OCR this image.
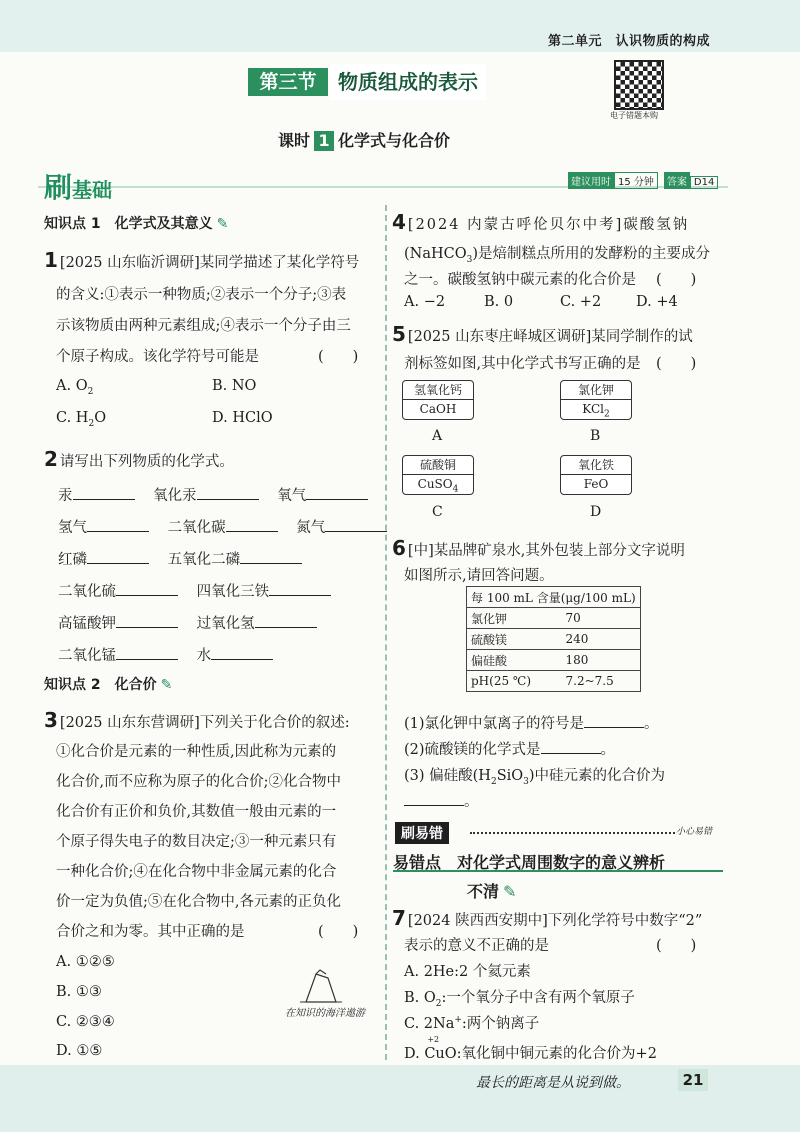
第二单元　认识物质的构成
第三节	物质组成的表示
电子错题本购
课时 1 化学式与化合价
刷基础	建议用时 15 分钟 答案 D14
知识点 1　化学式及其意义 ✎
1 [2025 山东临沂调研]某同学描述了某化学符号
的含义:①表示一种物质;②表示一个分子;③表
示该物质由两种元素组成;④表示一个分子由三
个原子构成。该化学符号可能是	(　　)
A. $O_2$	B. NO
C. $H_2O$	D. HClO
2 请写出下列物质的化学式。
汞	氧化汞	氧气
氢气	二氧化碳	氮气
红磷	五氧化二磷
二氧化硫	四氧化三铁
高锰酸钾	过氧化氢
二氧化锰	水
知识点 2　化合价 ✎
3 [2025 山东东营调研]下列关于化合价的叙述:
①化合价是元素的一种性质,因此称为元素的
化合价,而不应称为原子的化合价;②化合物中
化合价有正价和负价,其数值一般由元素的一
个原子得失电子的数目决定;③一种元素只有
一种化合价;④在化合物中非金属元素的化合
价一定为负值;⑤在化合物中,各元素的正负化
合价之和为零。其中正确的是	(　　)
A. ①②⑤
B. ①③
C. ②③④
D. ①⑤
在知识的海洋遨游
4 [2024 内蒙古呼伦贝尔中考]碳酸氢钠
(NaHCO$_3$)是焙制糕点所用的发酵粉的主要成分
之一。碳酸氢钠中碳元素的化合价是 (　　)
A. −2	B. 0	C. +2 D. +4
5 [2025 山东枣庄峄城区调研]某同学制作的试
剂标签如图,其中化学式书写正确的是 (　　)
氢氧化钙
CaOH
A
氯化钾
KCl$_2$
B
硫酸铜
CuSO$_4$
C
氧化铁
FeO
D
6 [中]某品牌矿泉水,其外包装上部分文字说明
如图所示,请回答问题。
每 100 mL 含量(μg/100 mL)	
氯化钾	70
硫酸镁	240
偏硅酸	180
pH(25 ℃)	7.2~7.5
(1)氯化钾中氯离子的符号是	。
(2)硫酸镁的化学式是	。
(3) 偏硅酸$(H_2SiO_3)$中硅元素的化合价为
。
刷易错	小心易错
易错点　对化学式周围数字的意义辨析
不清 ✎
7 [2024 陕西西安期中]下列化学符号中数字“2”
表示的意义不正确的是	(　　)
A. 2He:2 个氦元素
B. $O_2$:一个氧分子中含有两个氧原子
C. 2Na+:两个钠离子
D.
+2
CuO:氧化铜中铜元素的化合价为+2
最长的距离是从说到做。	21
